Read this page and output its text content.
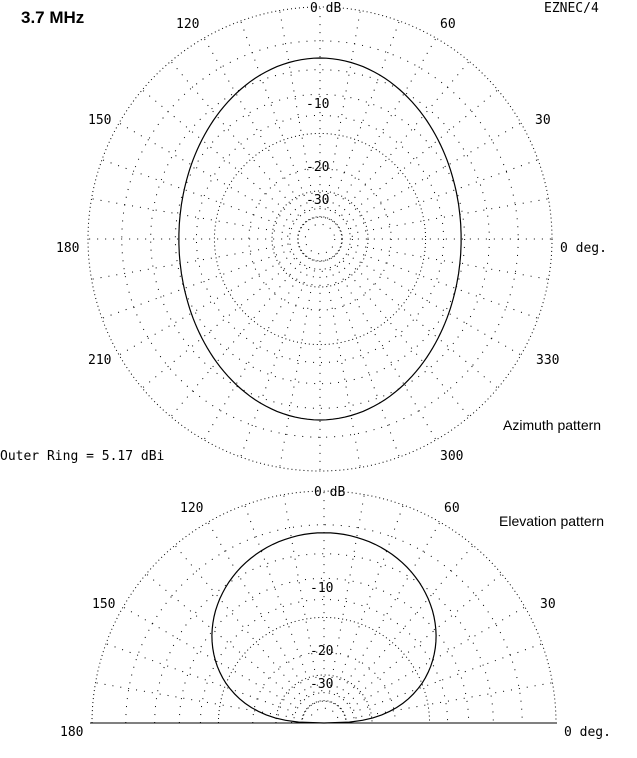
3.7 MHz	EZNEC/4
0 dB
-10
-20
-30
60
30
0 deg.
120
150
180
210	330
300
Azimuth pattern
Outer Ring = 5.17 dBi
0 dB
-10
-20
-30
120	60
150	30
180	0 deg.
Elevation pattern
